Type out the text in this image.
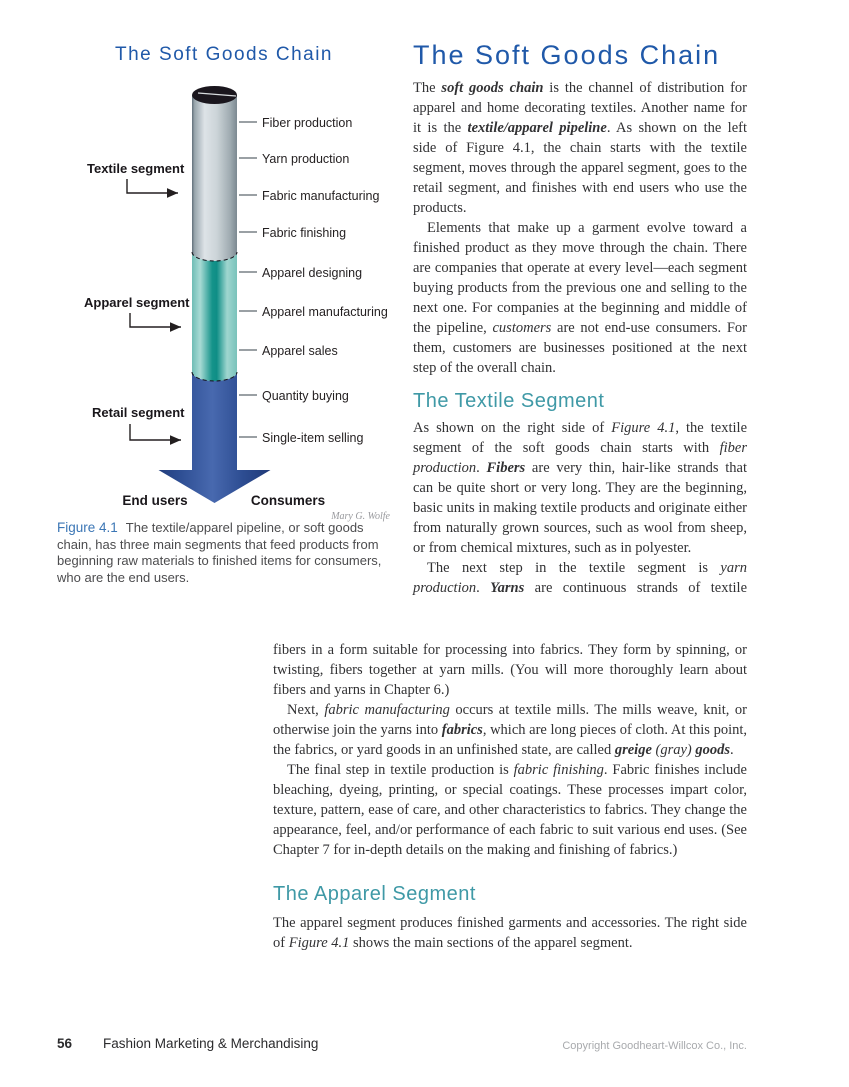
The Soft Goods Chain
Fiber production
Yarn production
Fabric manufacturing
Fabric finishing
Apparel designing
Apparel manufacturing
Apparel sales
Quantity buying
Single-item selling
Textile segment
Apparel segment
Retail segment
End users	Consumers
Mary G. Wolfe
Figure 4.1 The textile/apparel pipeline, or soft goods chain, has three main segments that feed products from beginning raw materials to finished items for consumers, who are the end users.
The Soft Goods Chain

The soft goods chain is the channel of distribution for apparel and home decorating textiles. Another name for it is the textile/apparel pipeline. As shown on the left side of Figure 4.1, the chain starts with the textile segment, moves through the apparel segment, goes to the retail segment, and finishes with end users who use the products.

Elements that make up a garment evolve toward a finished product as they move through the chain. There are companies that operate at every level—each segment buying products from the previous one and selling to the next one. For companies at the beginning and middle of the pipeline, customers are not end-use consumers. For them, customers are businesses positioned at the next step of the overall chain.

The Textile Segment

As shown on the right side of Figure 4.1, the textile segment of the soft goods chain starts with fiber production. Fibers are very thin, hair-like strands that can be quite short or very long. They are the beginning, basic units in making textile products and originate either from naturally grown sources, such as wool from sheep, or from chemical mixtures, such as in polyester.

The next step in the textile segment is yarn production. Yarns are continuous strands of textile

fibers in a form suitable for processing into fabrics. They form by spinning, or twisting, fibers together at yarn mills. (You will more thoroughly learn about fibers and yarns in Chapter 6.)

Next, fabric manufacturing occurs at textile mills. The mills weave, knit, or otherwise join the yarns into fabrics, which are long pieces of cloth. At this point, the fabrics, or yard goods in an unfinished state, are called greige (gray) goods.

The final step in textile production is fabric finishing. Fabric finishes include bleaching, dyeing, printing, or special coatings. These processes impart color, texture, pattern, ease of care, and other characteristics to fabrics. They change the appearance, feel, and/or performance of each fabric to suit various end uses. (See Chapter 7 for in-depth details on the making and finishing of fabrics.)

The Apparel Segment

The apparel segment produces finished garments and accessories. The right side of Figure 4.1 shows the main sections of the apparel segment.

56 Fashion Marketing & Merchandising	Copyright Goodheart-Willcox Co., Inc.
